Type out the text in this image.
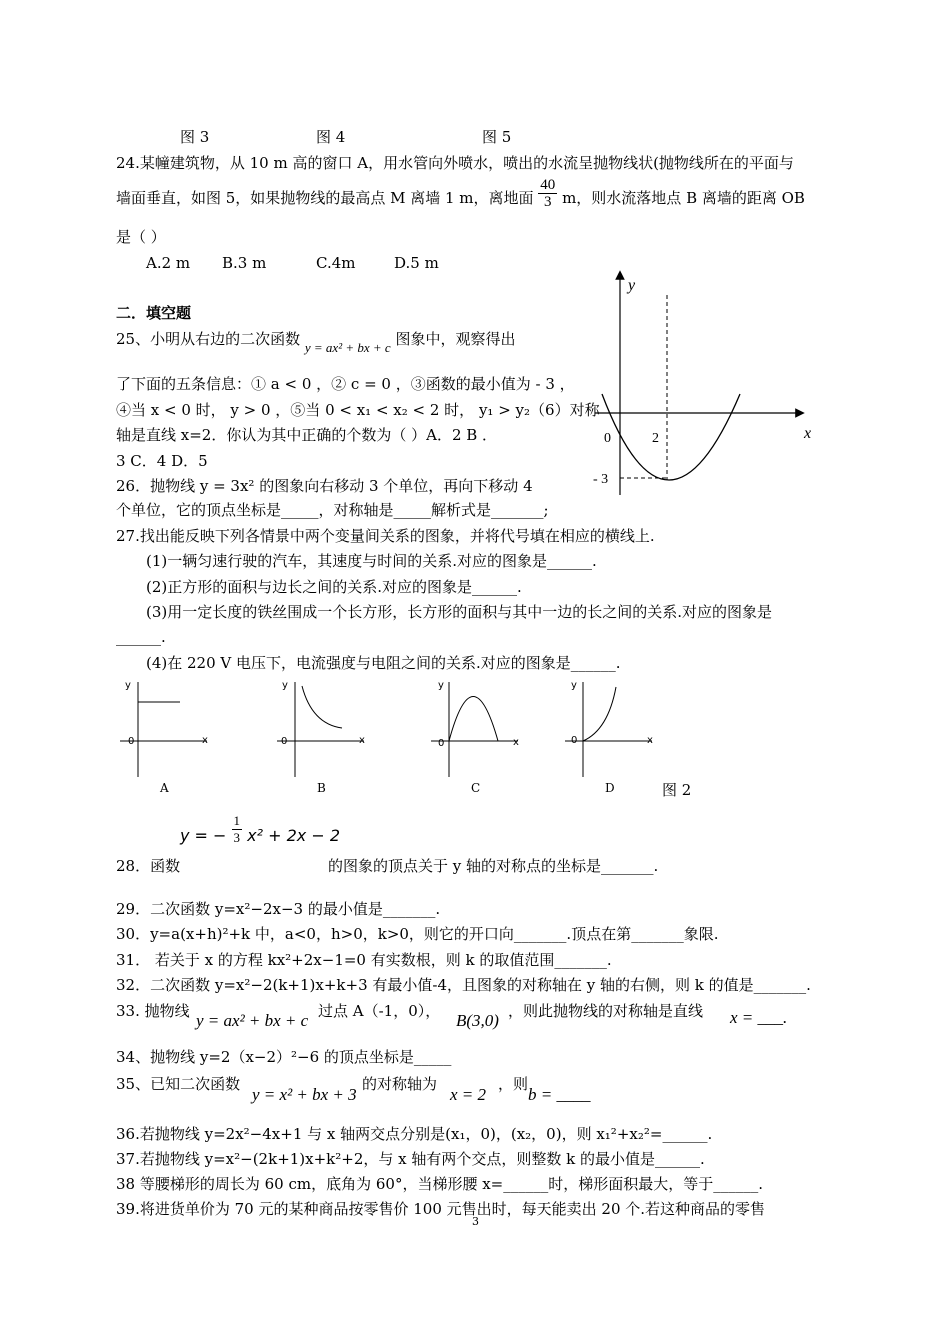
图 3	图 4	图 5
24.某幢建筑物，从 10 m 高的窗口 A，用水管向外喷水，喷出的水流呈抛物线状(抛物线所在的平面与
墙面垂直，如图 5，如果抛物线的最高点 M 离墙 1 m，离地面 $\frac{40}{3}$ m，则水流落地点 B 离墙的距离 OB
是（ ）
A.2 m B.3 m	C.4m	D.5 m
二．填空题
25、小明从右边的二次函数 y = ax² + bx + c 图象中，观察得出
了下面的五条信息：① a < 0 ，② c = 0 ，③函数的最小值为 - 3 ，
④当 x < 0 时， y > 0 ，⑤当 0 < x₁ < x₂ < 2 时， y₁ > y₂（6）对称
轴是直线 x=2．你认为其中正确的个数为（ ）A．2 B ．
3 C．4 D．5
y
x
0	2
- 3
26．抛物线 y = 3x² 的图象向右移动 3 个单位，再向下移动 4
个单位，它的顶点坐标是_____，对称轴是_____解析式是_______;
27.找出能反映下列各情景中两个变量间关系的图象，并将代号填在相应的横线上.
(1)一辆匀速行驶的汽车，其速度与时间的关系.对应的图象是______.
(2)正方形的面积与边长之间的关系.对应的图象是______.
(3)用一定长度的铁丝围成一个长方形，长方形的面积与其中一边的长之间的关系.对应的图象是
______.
(4)在 220 V 电压下，电流强度与电阻之间的关系.对应的图象是______.
y
x
0
A
y
x
0
B
y
x
0
C
y
x
0
D	图 2
y = − $\frac{1}{3} x^2 + 2x - 2$
28．函数	的图象的顶点关于 y 轴的对称点的坐标是_______.
29．二次函数 y=x²−2x−3 的最小值是_______.
30．y=a(x+h)²+k 中，a<0，h>0，k>0，则它的开口向_______.顶点在第_______象限.
31． 若关于 x 的方程 kx²+2x−1=0 有实数根，则 k 的取值范围_______.
32．二次函数 y=x²−2(k+1)x+k+3 有最小值-4，且图象的对称轴在 y 轴的右侧，则 k 的值是_______.
33. 抛物线 y = ax² + bx + c 过点 A（-1，0）， B(3,0) ，则此抛物线的对称轴是直线 x = ___.
34、抛物线 y=2（x−2）²−6 的顶点坐标是_____
35、已知二次函数
y = x² + bx + 3
的对称轴为
x = 2
，则
b = ____
36.若抛物线 y=2x²−4x+1 与 x 轴两交点分别是(x₁，0)，(x₂，0)，则 x₁²+x₂²=______.
37.若抛物线 y=x²−(2k+1)x+k²+2，与 x 轴有两个交点，则整数 k 的最小值是______.
38 等腰梯形的周长为 60 cm，底角为 60°，当梯形腰 x=______时，梯形面积最大，等于______.
39.将进货单价为 70 元的某种商品按零售价 100 元售出时，每天能卖出 20 个.若这种商品的零售
3
